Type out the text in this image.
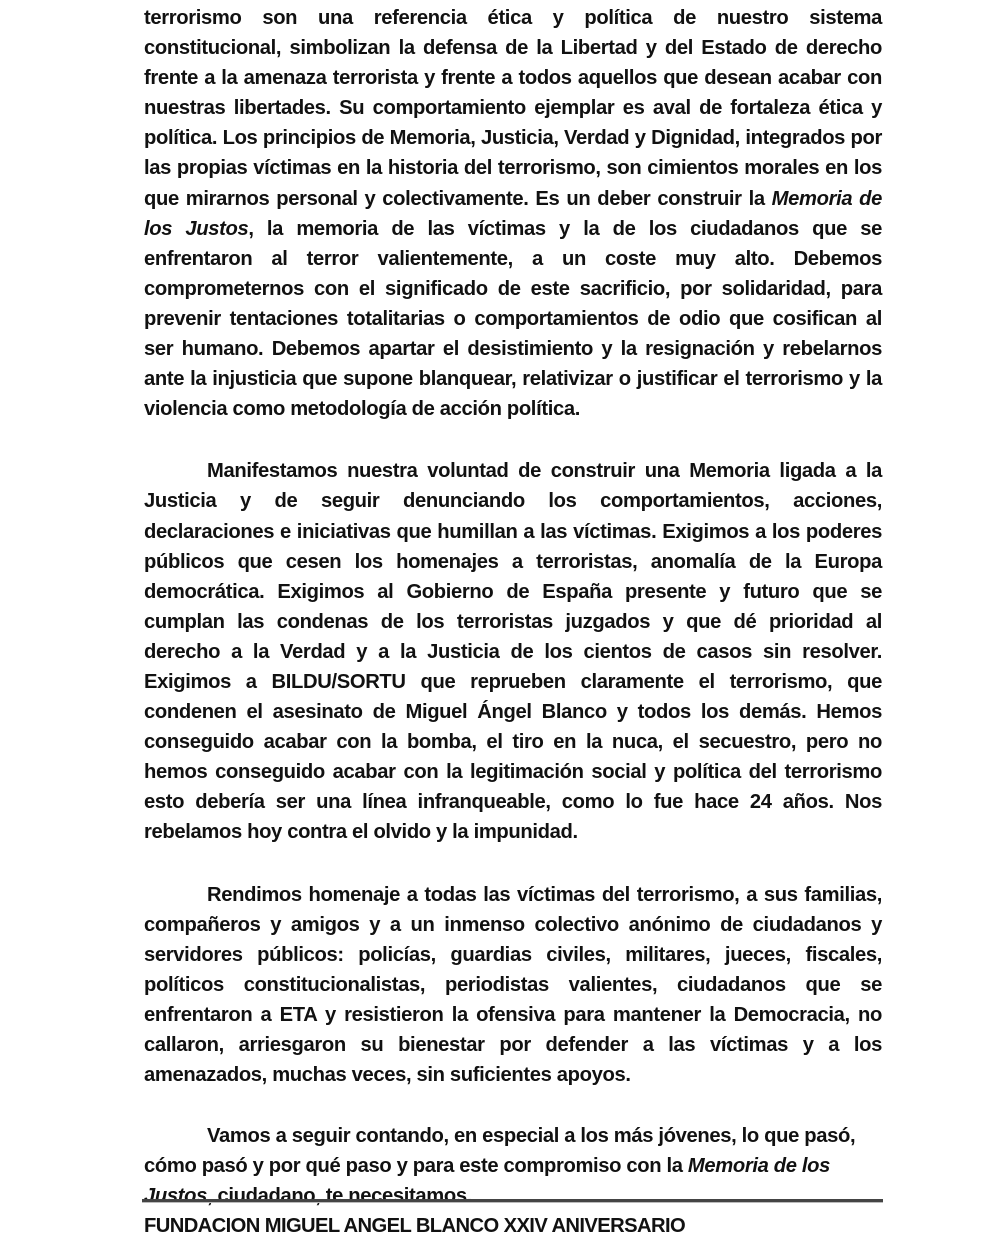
terrorismo son una referencia ética y política de nuestro sistema constitucional, simbolizan la defensa de la Libertad y del Estado de derecho frente a la amenaza terrorista y frente a todos aquellos que desean acabar con nuestras libertades. Su comportamiento ejemplar es aval de fortaleza ética y política. Los principios de Memoria, Justicia, Verdad y Dignidad, integrados por las propias víctimas en la historia del terrorismo, son cimientos morales en los que mirarnos personal y colectivamente. Es un deber construir la Memoria de los Justos, la memoria de las víctimas y la de los ciudadanos que se enfrentaron al terror valientemente, a un coste muy alto. Debemos comprometernos con el significado de este sacrificio, por solidaridad, para prevenir tentaciones totalitarias o comportamientos de odio que cosifican al ser humano. Debemos apartar el desistimiento y la resignación y rebelarnos ante la injusticia que supone blanquear, relativizar o justificar el terrorismo y la violencia como metodología de acción política.

Manifestamos nuestra voluntad de construir una Memoria ligada a la Justicia y de seguir denunciando los comportamientos, acciones, declaraciones e iniciativas que humillan a las víctimas. Exigimos a los poderes públicos que cesen los homenajes a terroristas, anomalía de la Europa democrática. Exigimos al Gobierno de España presente y futuro que se cumplan las condenas de los terroristas juzgados y que dé prioridad al derecho a la Verdad y a la Justicia de los cientos de casos sin resolver. Exigimos a BILDU/SORTU que reprueben claramente el terrorismo, que condenen el asesinato de Miguel Ángel Blanco y todos los demás. Hemos conseguido acabar con la bomba, el tiro en la nuca, el secuestro, pero no hemos conseguido acabar con la legitimación social y política del terrorismo esto debería ser una línea infranqueable, como lo fue hace 24 años. Nos rebelamos hoy contra el olvido y la impunidad.

Rendimos homenaje a todas las víctimas del terrorismo, a sus familias, compañeros y amigos y a un inmenso colectivo anónimo de ciudadanos y servidores públicos: policías, guardias civiles, militares, jueces, fiscales, políticos constitucionalistas, periodistas valientes, ciudadanos que se enfrentaron a ETA y resistieron la ofensiva para mantener la Democracia, no callaron, arriesgaron su bienestar por defender a las víctimas y a los amenazados, muchas veces, sin suficientes apoyos.

Vamos a seguir contando, en especial a los más jóvenes, lo que pasó, cómo pasó y por qué paso y para este compromiso con la Memoria de los Justos, ciudadano, te necesitamos.

FUNDACION MIGUEL ANGEL BLANCO XXIV ANIVERSARIO
